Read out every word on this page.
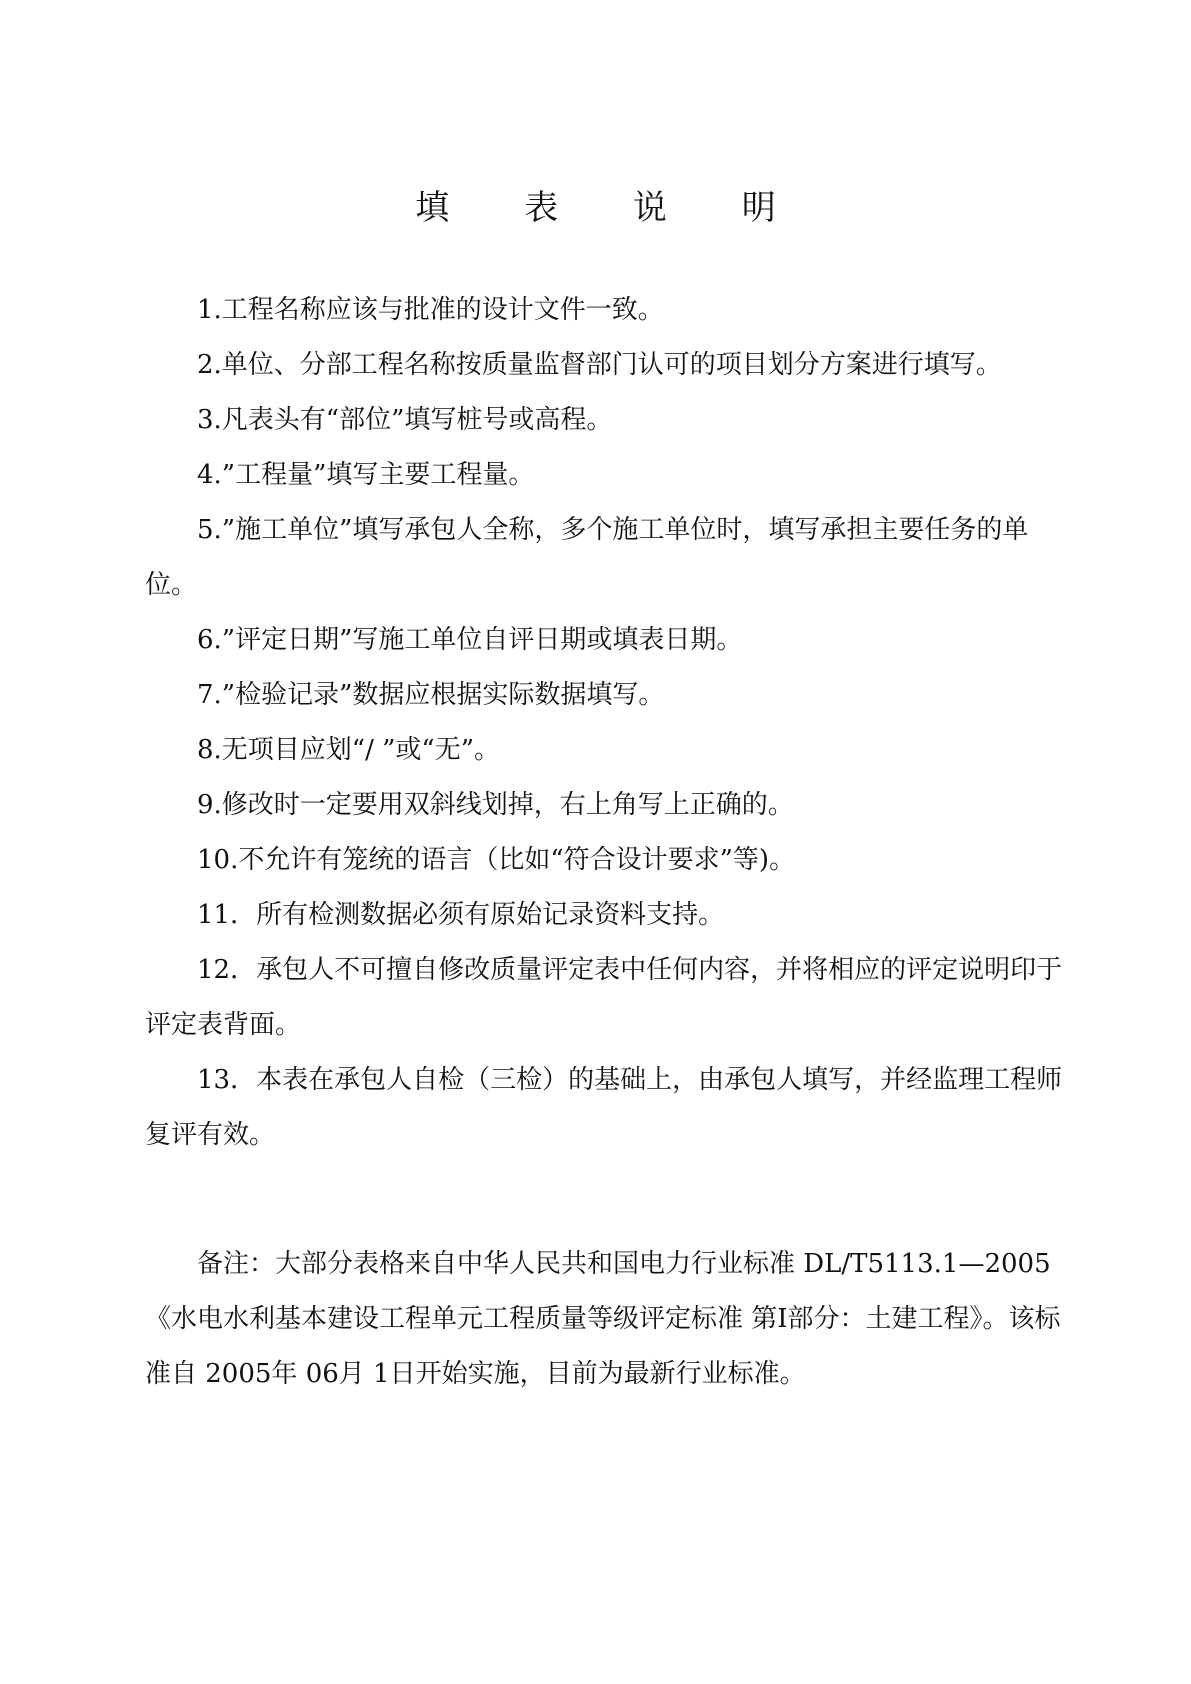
填 表 说 明

1.工程名称应该与批准的设计文件一致。

2.单位、分部工程名称按质量监督部门认可的项目划分方案进行填写。

3.凡表头有“部位”填写桩号或高程。

4.”工程量”填写主要工程量。

5.”施工单位”填写承包人全称，多个施工单位时，填写承担主要任务的单位。

6.”评定日期”写施工单位自评日期或填表日期。

7.”检验记录”数据应根据实际数据填写。

8.无项目应划“/ ”或“无”。

9.修改时一定要用双斜线划掉，右上角写上正确的。

10.不允许有笼统的语言（比如“符合设计要求”等)。

11．所有检测数据必须有原始记录资料支持。

12．承包人不可擅自修改质量评定表中任何内容，并将相应的评定说明印于评定表背面。

13．本表在承包人自检（三检）的基础上，由承包人填写，并经监理工程师复评有效。

备注：大部分表格来自中华人民共和国电力行业标准 DL/T5113.1—2005《水电水利基本建设工程单元工程质量等级评定标准 第Ⅰ部分：土建工程》。该标准自 2005年 06月 1日开始实施，目前为最新行业标准。
